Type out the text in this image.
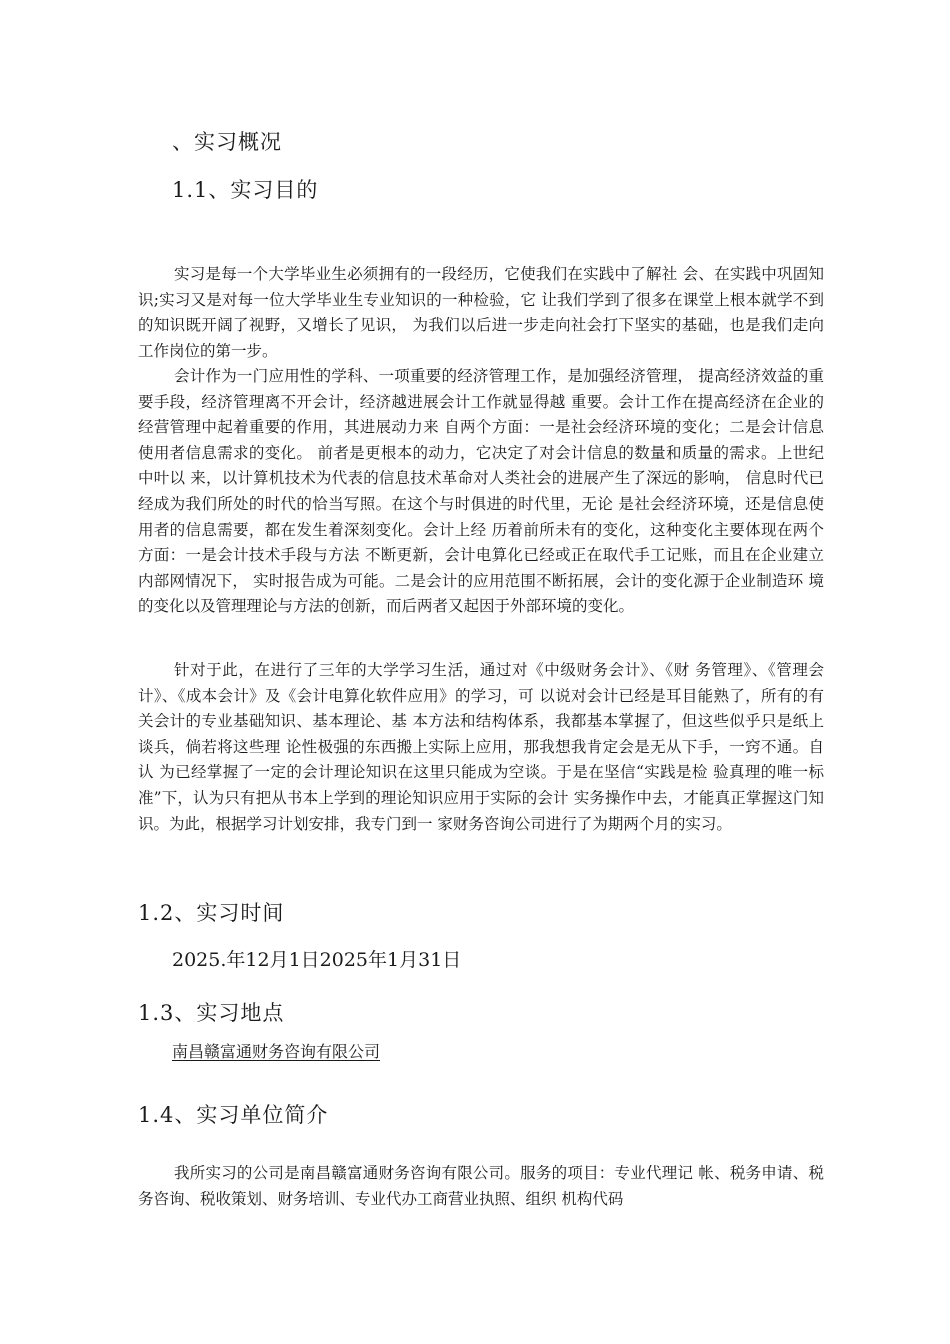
、实习概况
1.1、实习目的

实习是每一个大学毕业生必须拥有的一段经历，它使我们在实践中了解社 会、在实践中巩固知识;实习又是对每一位大学毕业生专业知识的一种检验，它 让我们学到了很多在课堂上根本就学不到的知识既开阔了视野，又增长了见识， 为我们以后进一步走向社会打下坚实的基础，也是我们走向工作岗位的第一步。

会计作为一门应用性的学科、一项重要的经济管理工作，是加强经济管理， 提高经济效益的重要手段，经济管理离不开会计，经济越进展会计工作就显得越 重要。会计工作在提高经济在企业的经营管理中起着重要的作用，其进展动力来 自两个方面：一是社会经济环境的变化；二是会计信息使用者信息需求的变化。 前者是更根本的动力，它决定了对会计信息的数量和质量的需求。上世纪中叶以 来，以计算机技术为代表的信息技术革命对人类社会的进展产生了深远的影响， 信息时代已经成为我们所处的时代的恰当写照。在这个与时俱进的时代里，无论 是社会经济环境，还是信息使用者的信息需要，都在发生着深刻变化。会计上经 历着前所未有的变化，这种变化主要体现在两个方面：一是会计技术手段与方法 不断更新，会计电算化已经或正在取代手工记账，而且在企业建立内部网情况下， 实时报告成为可能。二是会计的应用范围不断拓展，会计的变化源于企业制造环 境的变化以及管理理论与方法的创新，而后两者又起因于外部环境的变化。

针对于此，在进行了三年的大学学习生活，通过对《中级财务会计》、《财 务管理》、《管理会计》、《成本会计》及《会计电算化软件应用》的学习，可 以说对会计已经是耳目能熟了，所有的有关会计的专业基础知识、基本理论、基 本方法和结构体系，我都基本掌握了，但这些似乎只是纸上谈兵，倘若将这些理 论性极强的东西搬上实际上应用，那我想我肯定会是无从下手，一窍不通。自认 为已经掌握了一定的会计理论知识在这里只能成为空谈。于是在坚信“实践是检 验真理的唯一标准”下，认为只有把从书本上学到的理论知识应用于实际的会计 实务操作中去，才能真正掌握这门知识。为此，根据学习计划安排，我专门到一 家财务咨询公司进行了为期两个月的实习。

1.2、实习时间

2025.年12月1日2025年1月31日

1.3、实习地点

南昌赣富通财务咨询有限公司

1.4、实习单位简介

我所实习的公司是南昌赣富通财务咨询有限公司。服务的项目：专业代理记 帐、税务申请、税务咨询、税收策划、财务培训、专业代办工商营业执照、组织 机构代码
